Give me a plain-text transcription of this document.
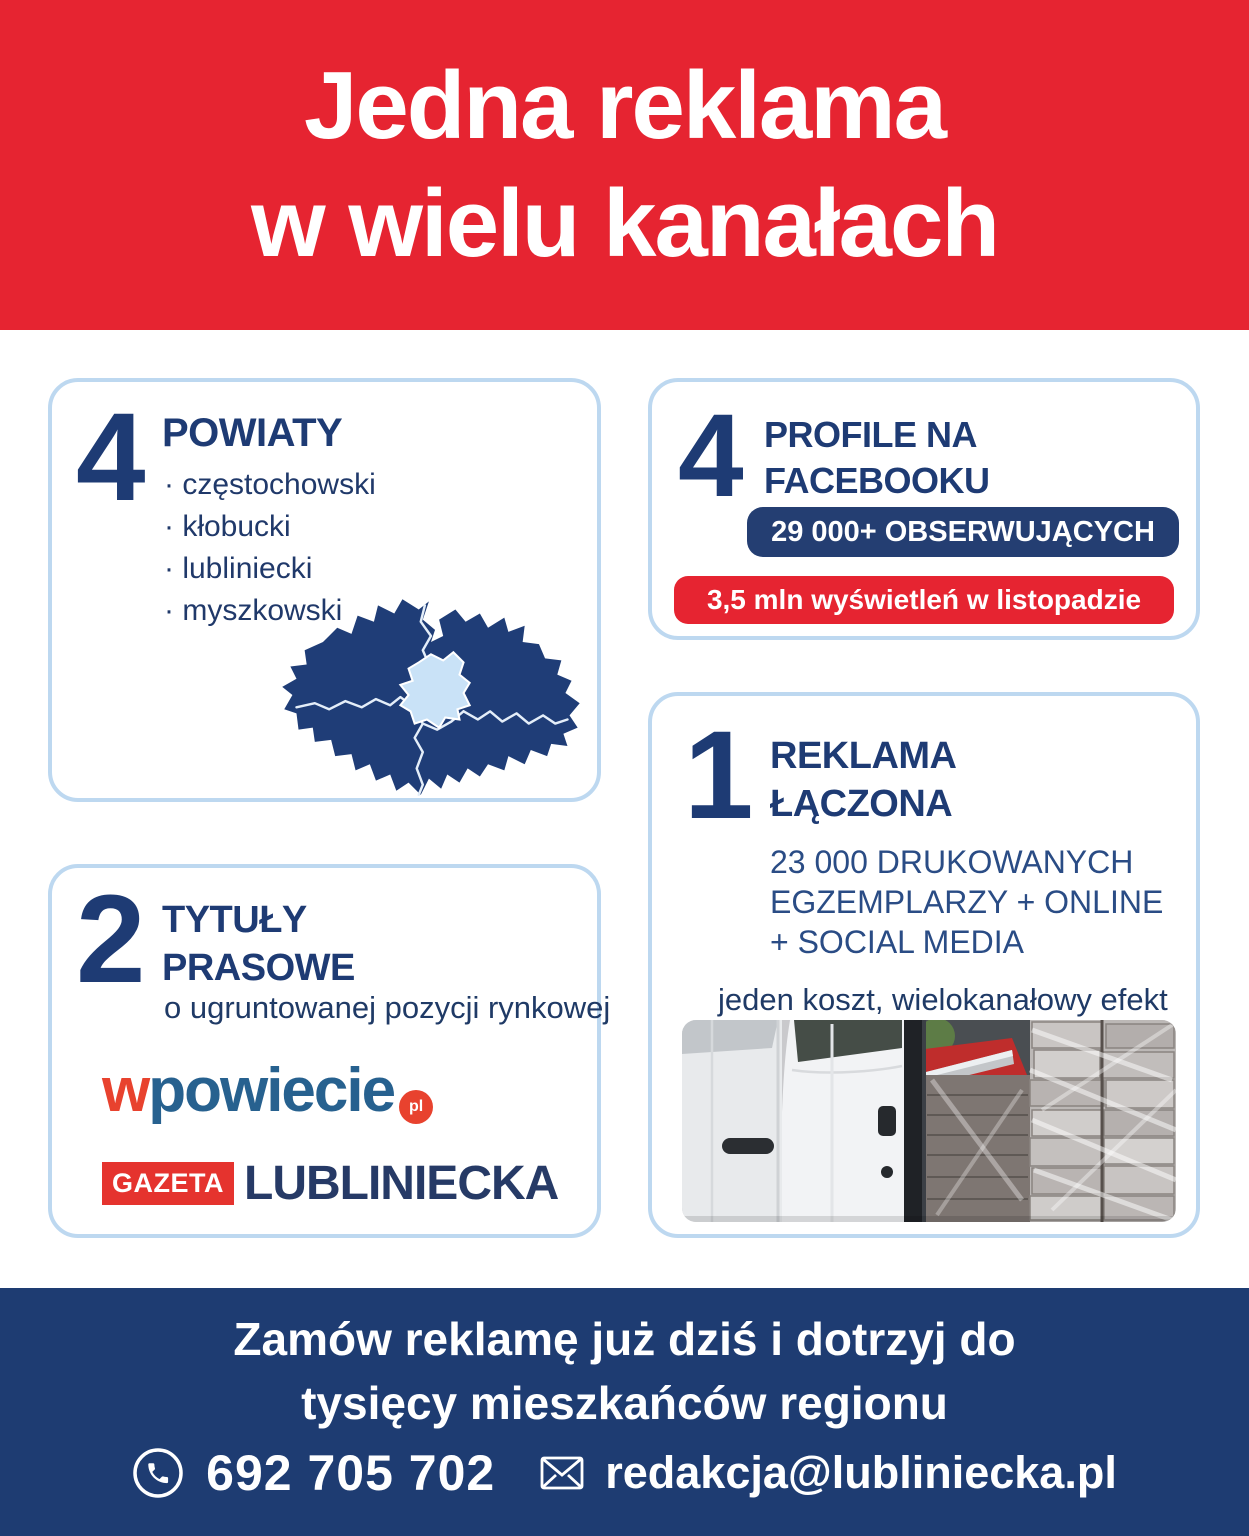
Jedna reklama
w wielu kanałach
4 POWIATY
· częstochowski
· kłobucki
· lubliniecki
· myszkowski
4 PROFILE NA
FACEBOOKU
29 000+ OBSERWUJĄCYCH
3,5 mln wyświetleń w listopadzie
1 REKLAMA
ŁĄCZONA
23 000 DRUKOWANYCH
EGZEMPLARZY + ONLINE
+ SOCIAL MEDIA
jeden koszt, wielokanałowy efekt
2 TYTUŁY
PRASOWE
o ugruntowanej pozycji rynkowej
w powiecie pl
GAZETA LUBLINIECKA
Zamów reklamę już dziś i dotrzyj do
tysięcy mieszkańców regionu
692 705 702 redakcja@lubliniecka.pl
